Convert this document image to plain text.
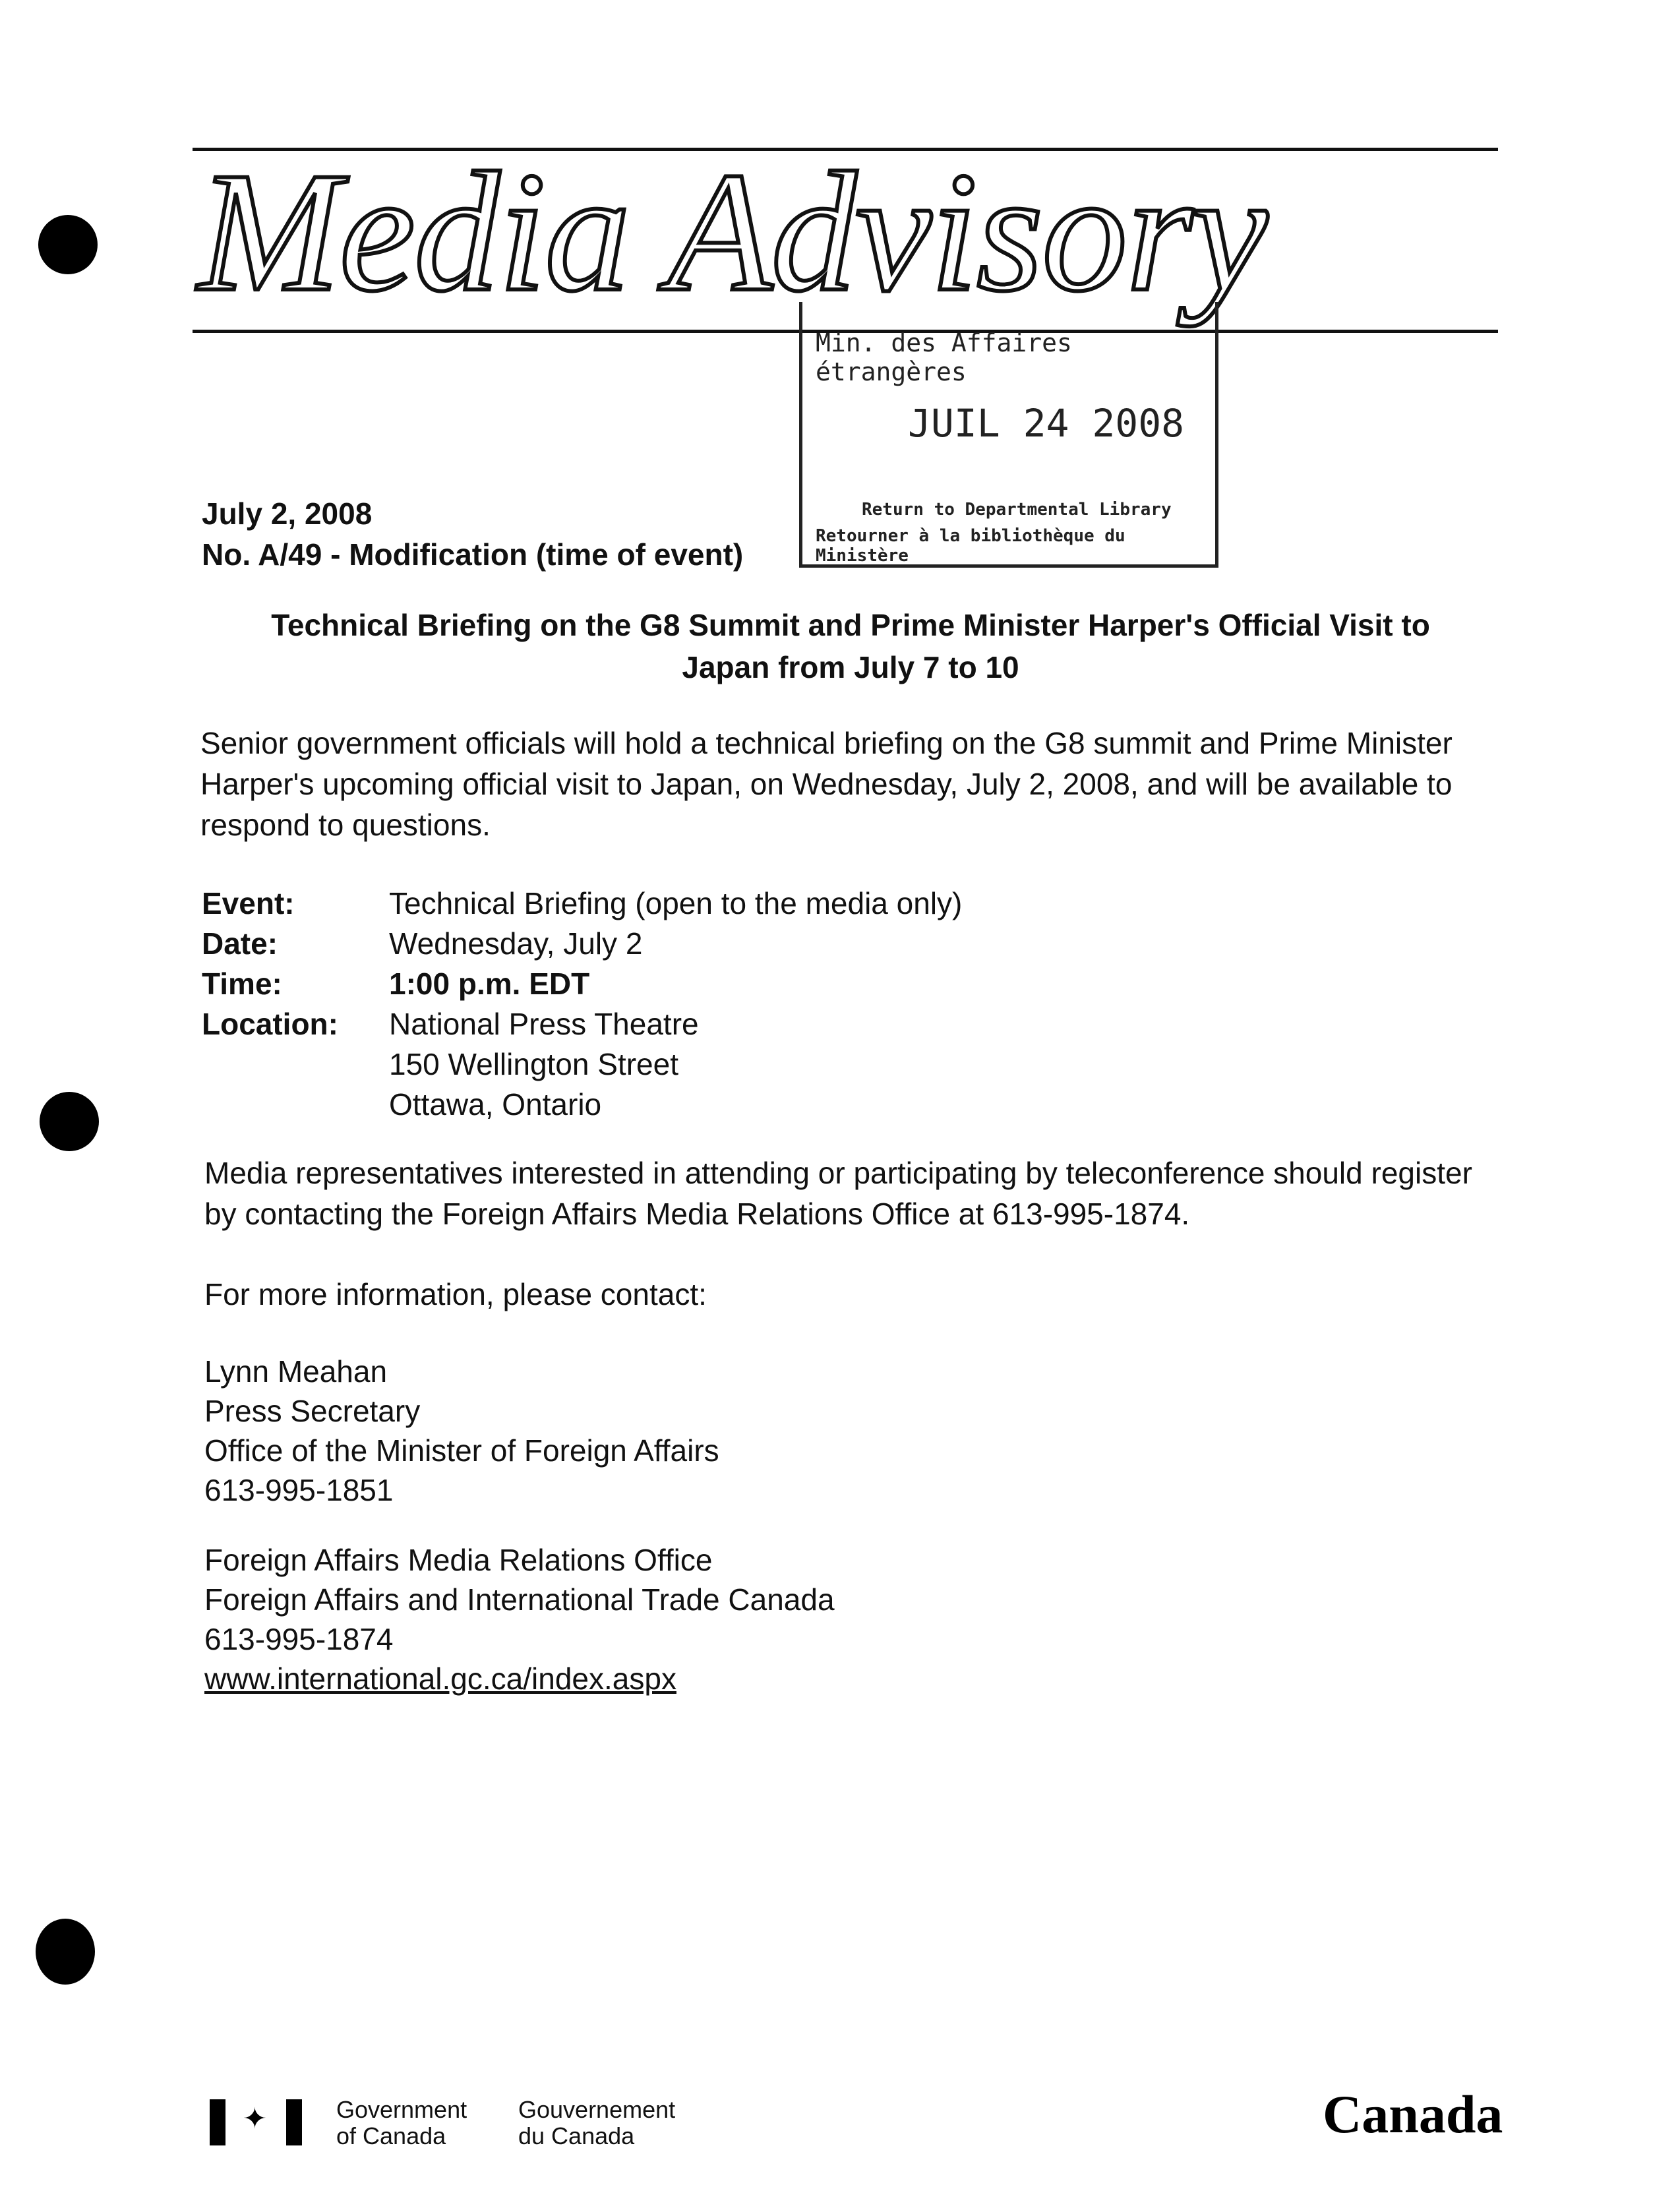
Media Advisory
Min. des Affaires étrangères
JUIL 24 2008
Return to Departmental Library
Retourner à la bibliothèque du Ministère
July 2, 2008
No. A/49 - Modification (time of event)
Technical Briefing on the G8 Summit and Prime Minister Harper's Official Visit to
Japan from July 7 to 10
Senior government officials will hold a technical briefing on the G8 summit and Prime Minister Harper's upcoming official visit to Japan, on Wednesday, July 2, 2008, and will be available to respond to questions.
Event:	Technical Briefing (open to the media only)
Date:	Wednesday, July 2
Time:	1:00 p.m. EDT
Location:	National Press Theatre
150 Wellington Street
Ottawa, Ontario
Media representatives interested in attending or participating by teleconference should register by contacting the Foreign Affairs Media Relations Office at 613-995-1874.
For more information, please contact:
Lynn Meahan
Press Secretary
Office of the Minister of Foreign Affairs
613-995-1851
Foreign Affairs Media Relations Office
Foreign Affairs and International Trade Canada
613-995-1874
www.international.gc.ca/index.aspx
✦	Government
of Canada
Gouvernement
du Canada	Canada
